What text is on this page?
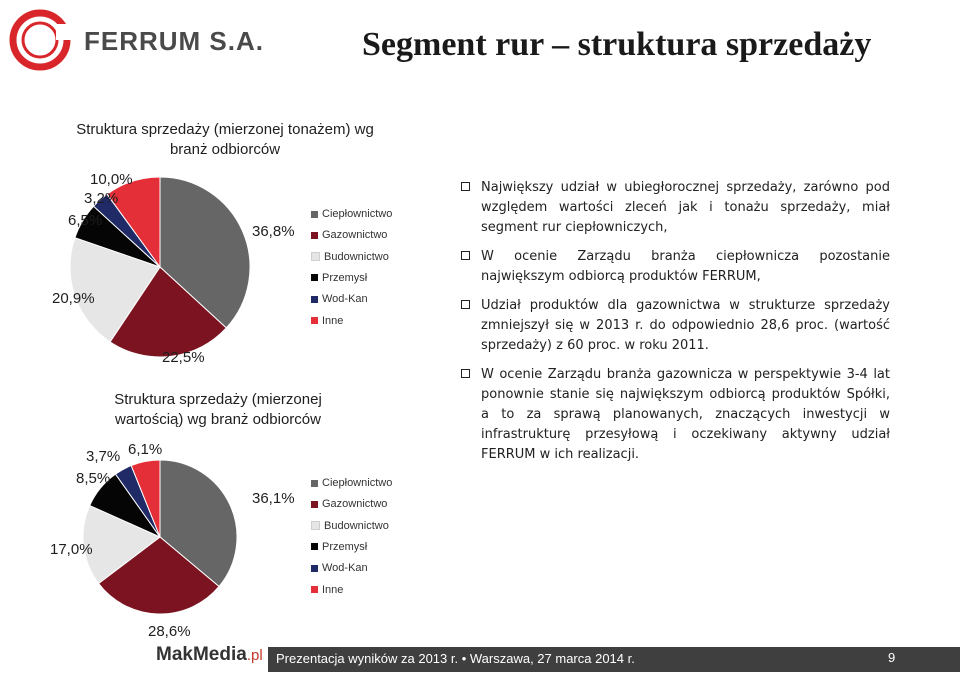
FERRUM S.A.	Segment rur – struktura sprzedaży
Struktura sprzedaży (mierzonej tonażem) wg branż odbiorców
36,8%
22,5%
20,9%
6,5%
3,2%
10,0%
Ciepłownictwo
Gazownictwo
Budownictwo
Przemysł
Wod-Kan
Inne
Struktura sprzedaży (mierzonej wartością) wg branż odbiorców
36,1%
28,6%
17,0%
8,5%
3,7% 6,1%
Ciepłownictwo
Gazownictwo
Budownictwo
Przemysł
Wod-Kan
Inne
Największy udział w ubiegłorocznej sprzedaży, zarówno pod względem wartości zleceń jak i tonażu sprzedaży, miał segment rur ciepłowniczych,
W ocenie Zarządu branża ciepłownicza pozostanie największym odbiorcą produktów FERRUM,
Udział produktów dla gazownictwa w strukturze sprzedaży zmniejszył się w 2013 r. do odpowiednio 28,6 proc. (wartość sprzedaży) z 60 proc. w roku 2011.
W ocenie Zarządu branża gazownicza w perspektywie 3-4 lat ponownie stanie się największym odbiorcą produktów Spółki, a to za sprawą planowanych, znaczących inwestycji w infrastrukturę przesyłową i oczekiwany aktywny udział FERRUM w ich realizacji.
MakMedia.pl Prezentacja wyników za 2013 r. • Warszawa, 27 marca 2014 r.	9
